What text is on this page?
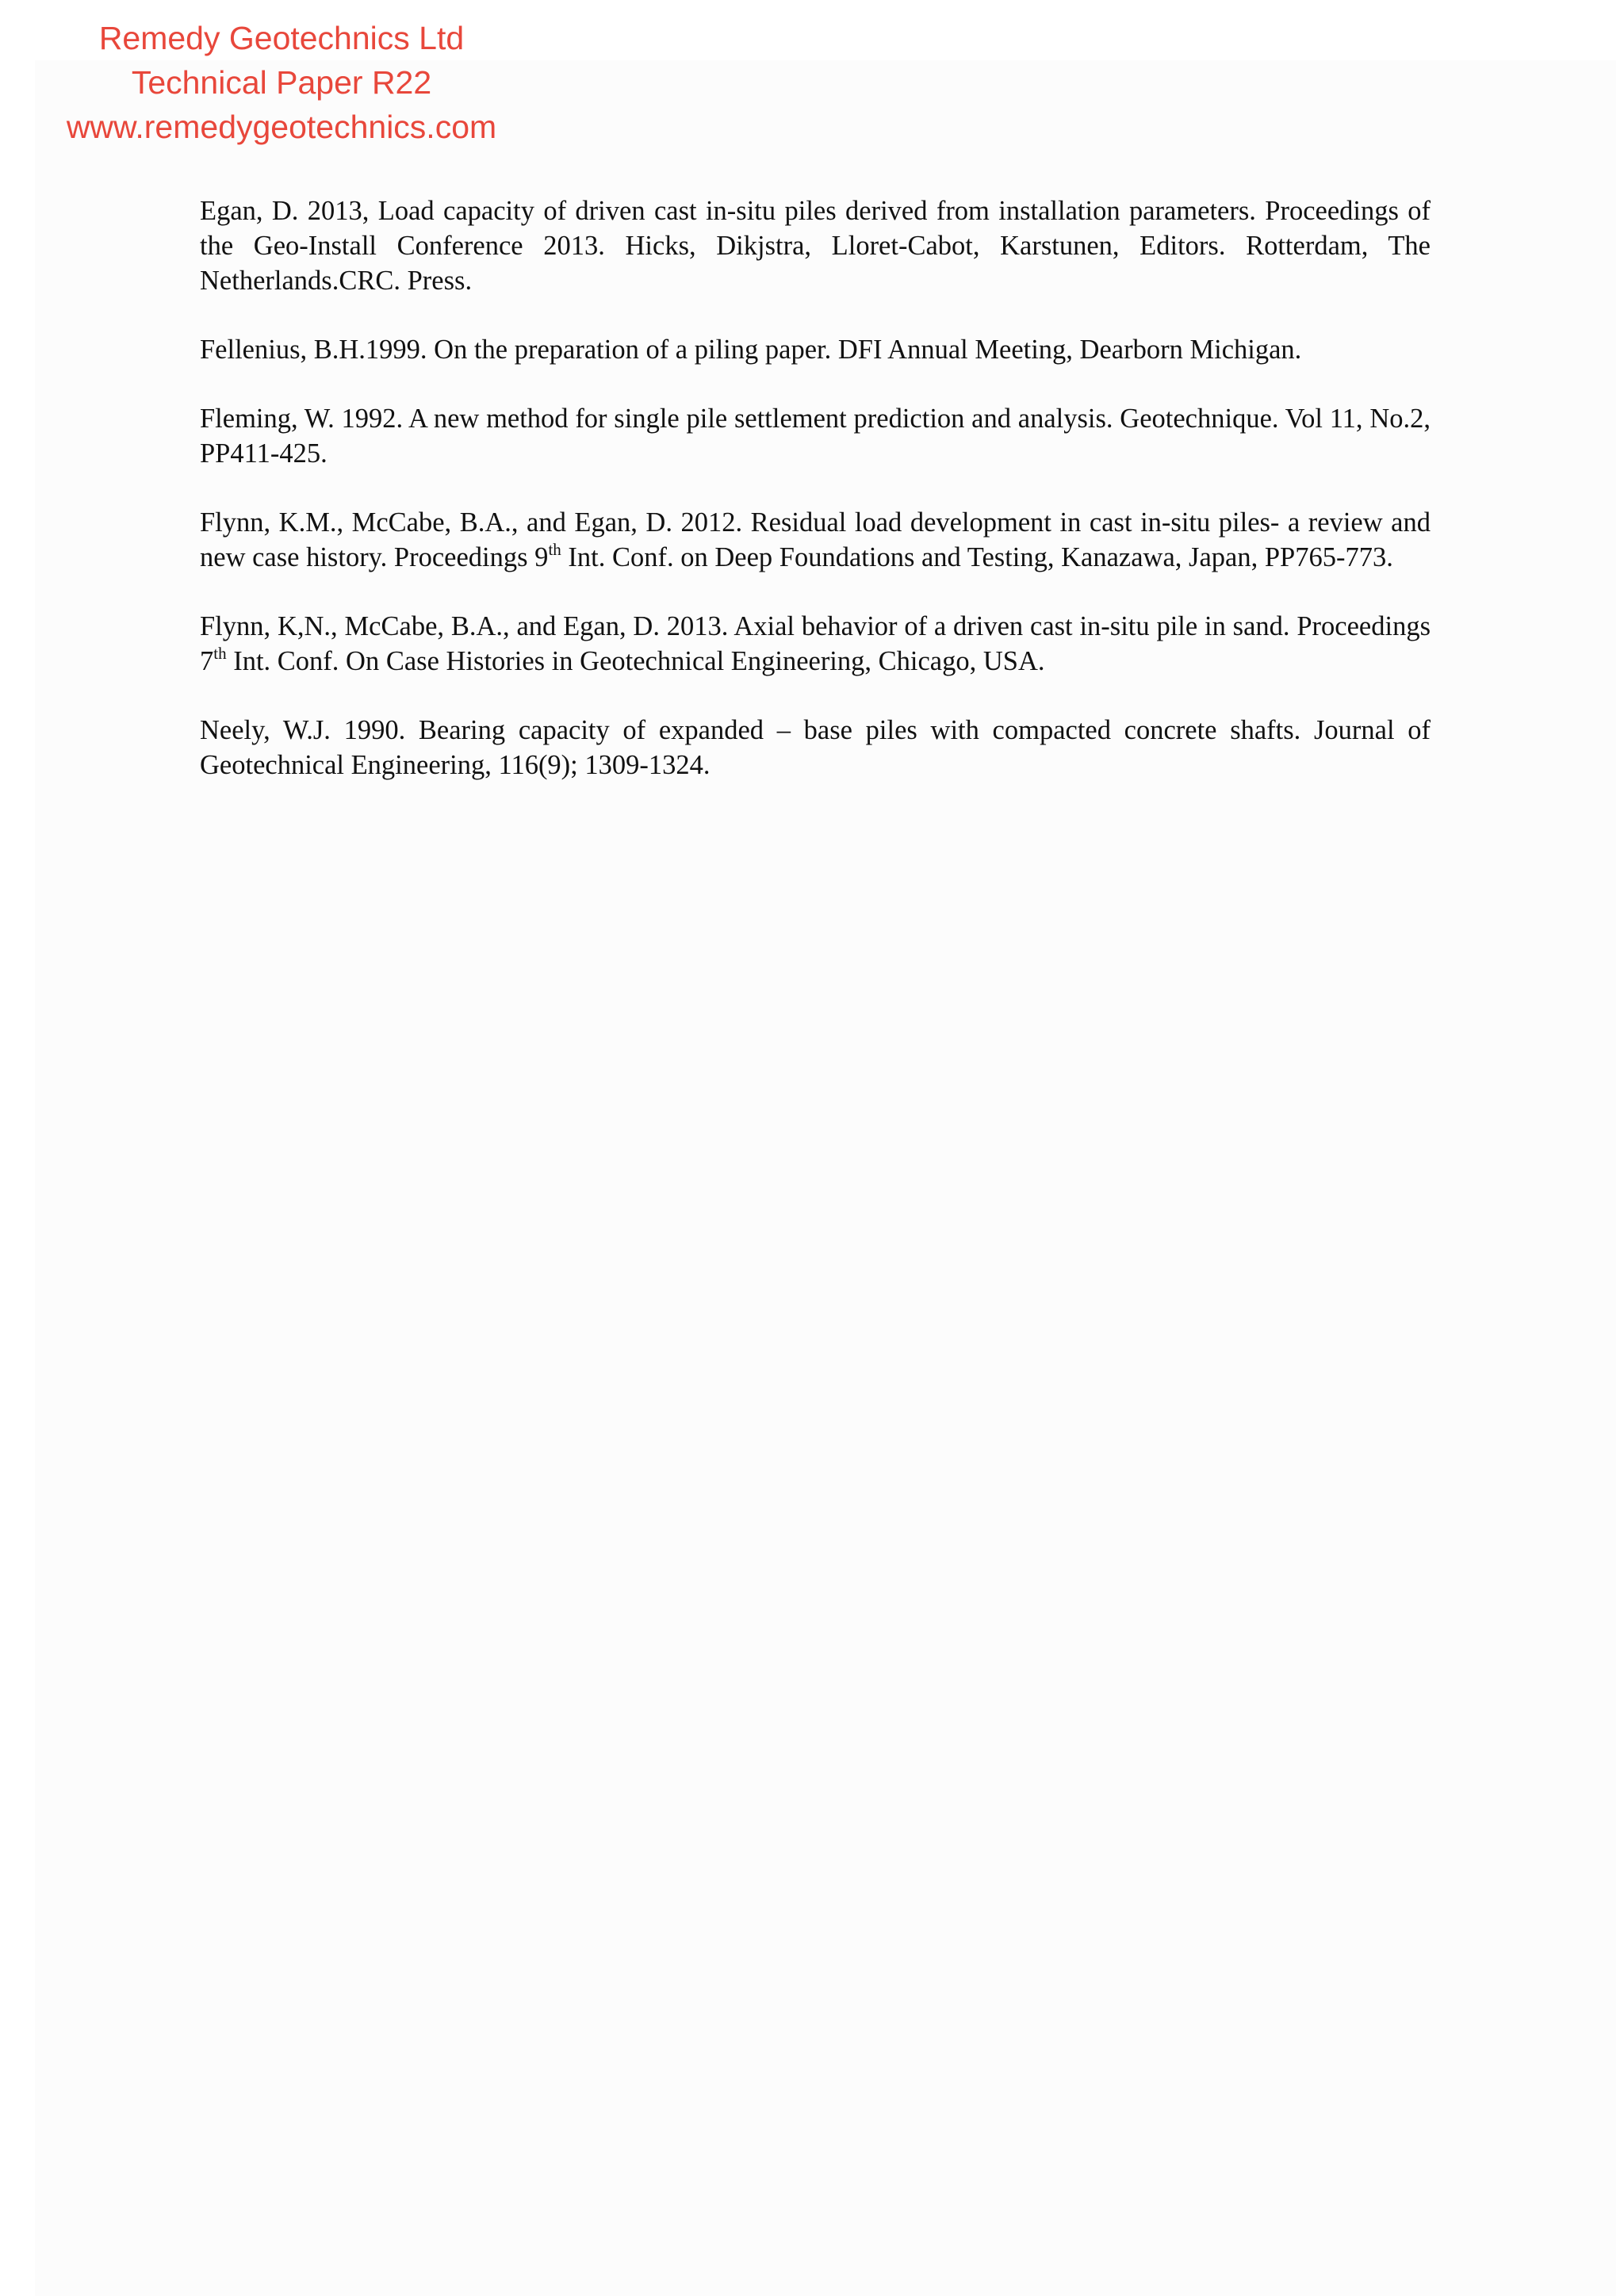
Remedy Geotechnics Ltd
Technical Paper R22
www.remedygeotechnics.com

Egan, D. 2013, Load capacity of driven cast in-situ piles derived from installation parameters. Proceedings of the Geo-Install Conference 2013. Hicks, Dikjstra, Lloret-Cabot, Karstunen, Editors. Rotterdam, The Netherlands.CRC. Press.

Fellenius, B.H.1999. On the preparation of a piling paper. DFI Annual Meeting, Dearborn Michigan.

Fleming, W. 1992. A new method for single pile settlement prediction and analysis. Geotechnique. Vol 11, No.2, PP411-425.

Flynn, K.M., McCabe, B.A., and Egan, D. 2012. Residual load development in cast in-situ piles- a review and new case history. Proceedings 9th Int. Conf. on Deep Foundations and Testing, Kanazawa, Japan, PP765-773.

Flynn, K,N., McCabe, B.A., and Egan, D. 2013. Axial behavior of a driven cast in-situ pile in sand. Proceedings 7th Int. Conf. On Case Histories in Geotechnical Engineering, Chicago, USA.

Neely, W.J. 1990. Bearing capacity of expanded – base piles with compacted concrete shafts. Journal of Geotechnical Engineering, 116(9); 1309-1324.
